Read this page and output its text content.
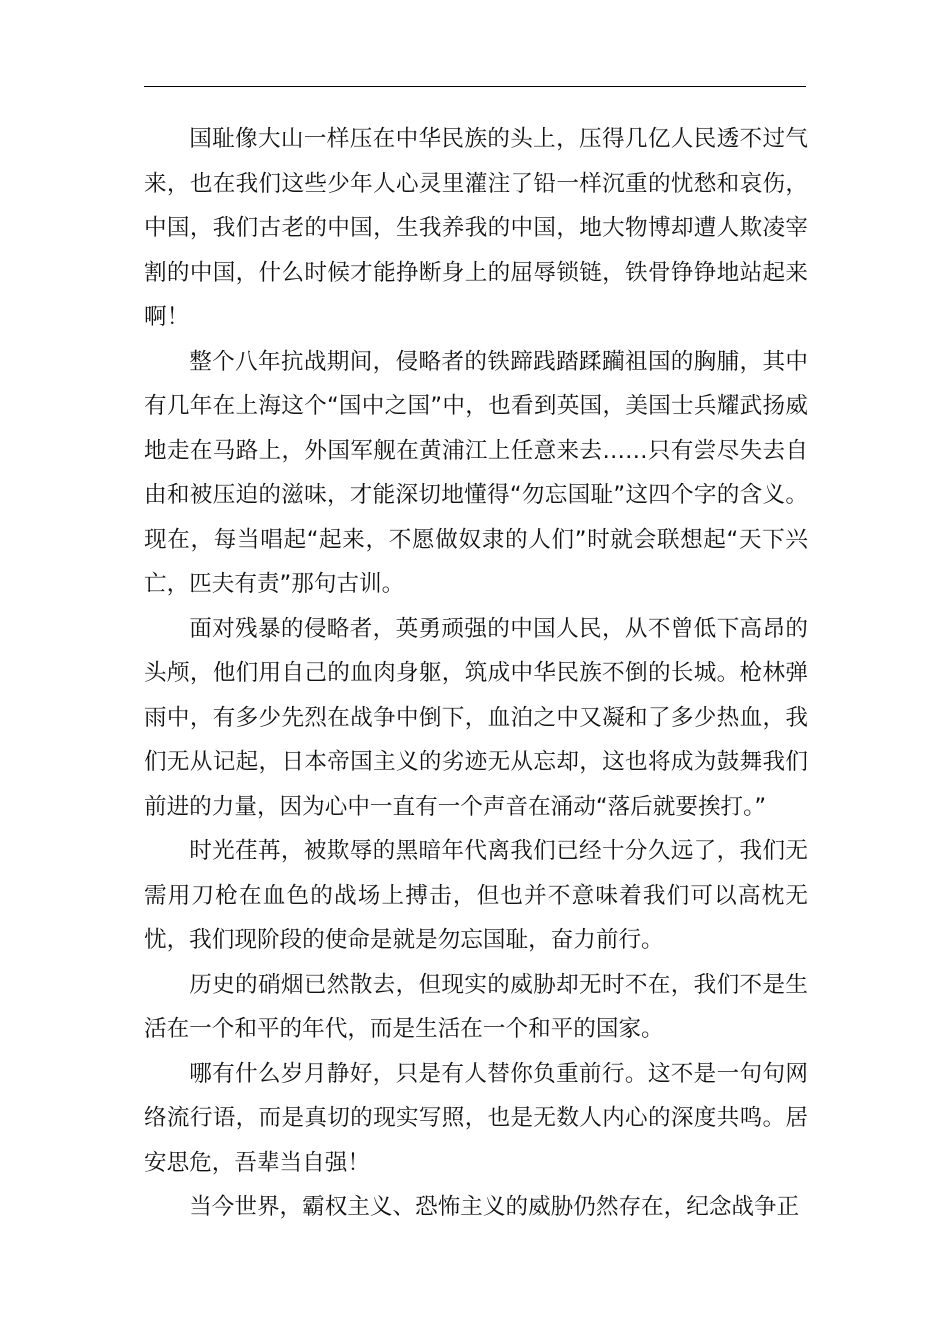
国耻像大山一样压在中华民族的头上，压得几亿人民透不过气来，也在我们这些少年人心灵里灌注了铅一样沉重的忧愁和哀伤，中国，我们古老的中国，生我养我的中国，地大物博却遭人欺凌宰割的中国，什么时候才能挣断身上的屈辱锁链，铁骨铮铮地站起来啊！

整个八年抗战期间，侵略者的铁蹄践踏蹂躏祖国的胸脯，其中有几年在上海这个“国中之国”中，也看到英国，美国士兵耀武扬威地走在马路上，外国军舰在黄浦江上任意来去……只有尝尽失去自由和被压迫的滋味，才能深切地懂得“勿忘国耻”这四个字的含义。现在，每当唱起“起来，不愿做奴隶的人们”时就会联想起“天下兴亡，匹夫有责”那句古训。

面对残暴的侵略者，英勇顽强的中国人民，从不曾低下高昂的头颅，他们用自己的血肉身躯，筑成中华民族不倒的长城。枪林弹雨中，有多少先烈在战争中倒下，血泊之中又凝和了多少热血，我们无从记起，日本帝国主义的劣迹无从忘却，这也将成为鼓舞我们前进的力量，因为心中一直有一个声音在涌动“落后就要挨打。”

时光荏苒，被欺辱的黑暗年代离我们已经十分久远了，我们无需用刀枪在血色的战场上搏击，但也并不意味着我们可以高枕无忧，我们现阶段的使命是就是勿忘国耻，奋力前行。

历史的硝烟已然散去，但现实的威胁却无时不在，我们不是生活在一个和平的年代，而是生活在一个和平的国家。

哪有什么岁月静好，只是有人替你负重前行。这不是一句句网络流行语，而是真切的现实写照，也是无数人内心的深度共鸣。居安思危，吾辈当自强！

当今世界，霸权主义、恐怖主义的威胁仍然存在，纪念战争正
